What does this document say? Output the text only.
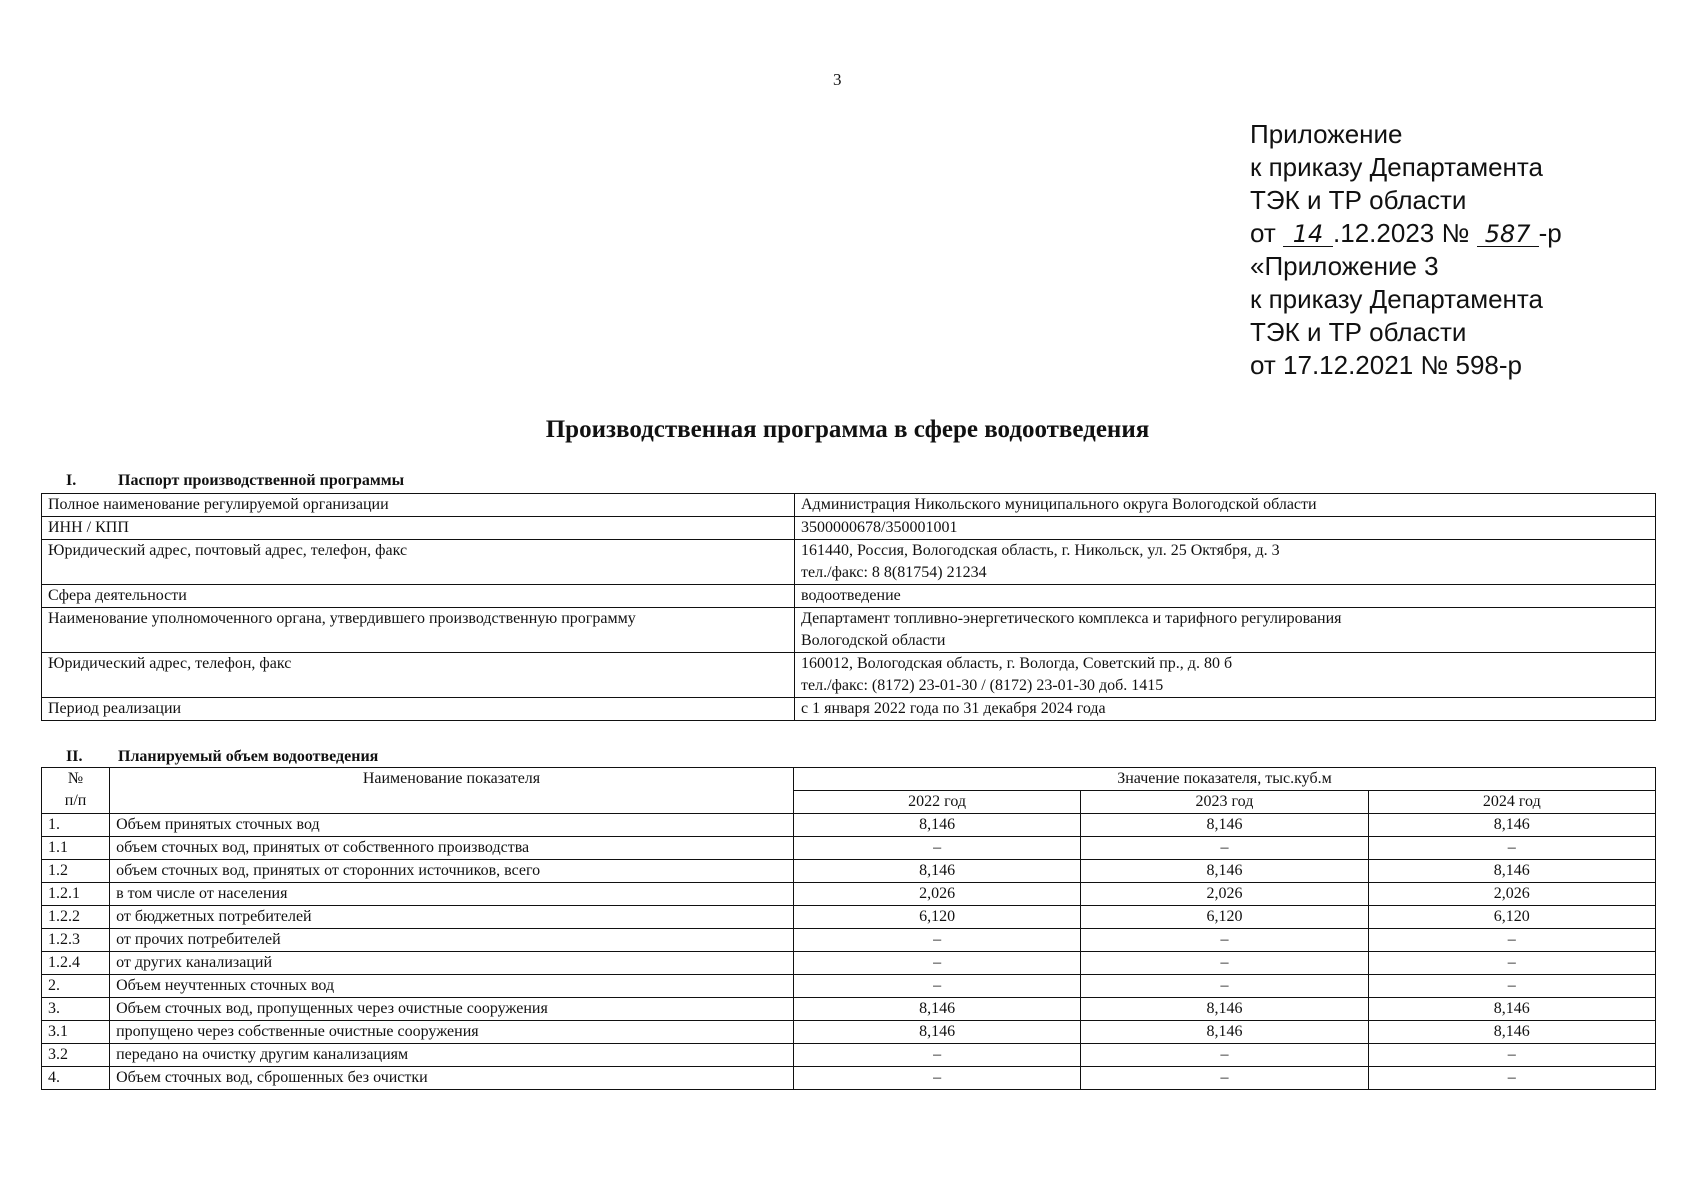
3
Приложение
к приказу Департамента
ТЭК и ТР области
от 14 .12.2023 № 587 -р
«Приложение 3
к приказу Департамента
ТЭК и ТР области
от 17.12.2021 № 598-р
Производственная программа в сфере водоотведения
I.	Паспорт производственной программы
Полное наименование регулируемой организации	Администрация Никольского муниципального округа Вологодской области

ИНН / КПП	3500000678/350001001

Юридический адрес, почтовый адрес, телефон, факс	161440, Россия, Вологодская область, г. Никольск, ул. 25 Октября, д. 3
тел./факс: 8 8(81754) 21234

Сфера деятельности	водоотведение

Наименование уполномоченного органа, утвердившего производственную программу	Департамент топливно-энергетического комплекса и тарифного регулирования
Вологодской области

Юридический адрес, телефон, факс	160012, Вологодская область, г. Вологда, Советский пр., д. 80 б
тел./факс: (8172) 23-01-30 / (8172) 23-01-30 доб. 1415

Период реализации	с 1 января 2022 года по 31 декабря 2024 года
II. Планируемый объем водоотведения
№
п/п	Наименование показателя	Значение показателя, тыс.куб.м		
		2022 год	2023 год	2024 год
1.	Объем принятых сточных вод	8,146	8,146	8,146
1.1	объем сточных вод, принятых от собственного производства	–	–	–
1.2	объем сточных вод, принятых от сторонних источников, всего	8,146	8,146	8,146
1.2.1	в том числе от населения	2,026	2,026	2,026
1.2.2	от бюджетных потребителей	6,120	6,120	6,120
1.2.3	от прочих потребителей	–	–	–
1.2.4	от других канализаций	–	–	–
2.	Объем неучтенных сточных вод	–	–	–
3.	Объем сточных вод, пропущенных через очистные сооружения	8,146	8,146	8,146
3.1	пропущено через собственные очистные сооружения	8,146	8,146	8,146
3.2	передано на очистку другим канализациям	–	–	–
4.	Объем сточных вод, сброшенных без очистки	–	–	–
